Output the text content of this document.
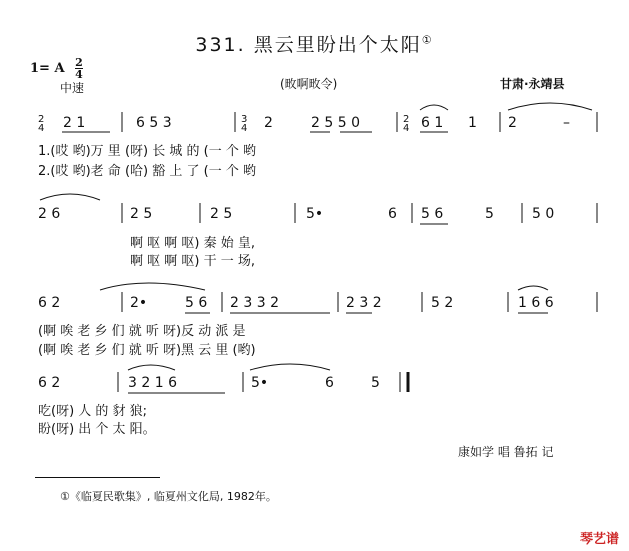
331. 黑云里盼出个太阳①
1= A $\frac{2}{4}$
中速	(畋啊畋令)	甘肃·永靖县
2
4 2 1	6 5 3	3
4 2	2 5 5 0	2
4 6 1 1 2	–
1.(哎 哟)万 里 (呀) 长 城 的 (一 个 哟
2.(哎 哟)老 命 (哈) 豁 上 了 (一 个 哟
2 6	2 5	2 5	5•	6 5 6	5	5 0
啊 呕 啊 呕) 秦 始 皇,
啊 呕 啊 呕) 干 一 场,
6 2	2•	5 6 2 3 3 2	2 3 2	5 2	1 6 6
(啊 唉 老 乡 们 就 听 呀)反 动 派 是
(啊 唉 老 乡 们 就 听 呀)黑 云 里 (哟)
6 2	3 2 1 6	5•	6	5
吃(呀) 人 的 豺 狼;
盼(呀) 出 个 太 阳。
康如学 唱 鲁拓 记
①《临夏民歌集》, 临夏州文化局, 1982年。
琴艺谱
